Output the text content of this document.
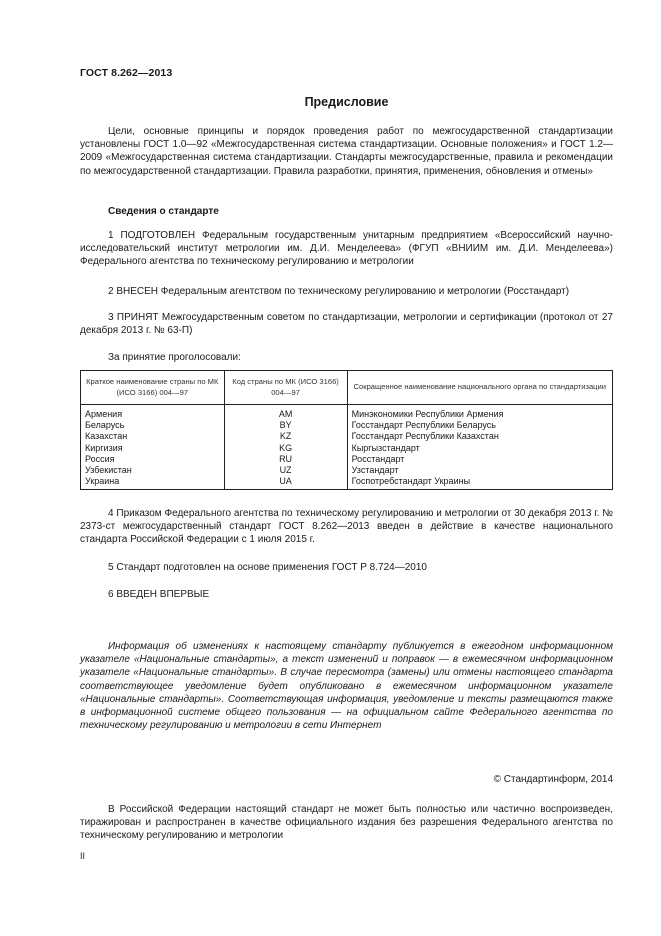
ГОСТ 8.262—2013
Предисловие

Цели, основные принципы и порядок проведения работ по межгосударственной стандартизации установлены ГОСТ 1.0—92 «Межгосударственная система стандартизации. Основные положения» и ГОСТ 1.2—2009 «Межгосударственная система стандартизации. Стандарты межгосударственные, правила и рекомендации по межгосударственной стандартизации. Правила разработки, принятия, применения, обновления и отмены»

Сведения о стандарте

1 ПОДГОТОВЛЕН Федеральным государственным унитарным предприятием «Всероссийский научно-исследовательский институт метрологии им. Д.И. Менделеева» (ФГУП «ВНИИМ им. Д.И. Менделеева») Федерального агентства по техническому регулированию и метрологии

2 ВНЕСЕН Федеральным агентством по техническому регулированию и метрологии (Росстандарт)

3 ПРИНЯТ Межгосударственным советом по стандартизации, метрологии и сертификации (протокол от 27 декабря 2013 г. № 63-П)

За принятие проголосовали:

Краткое наименование страны по МК (ИСО 3166) 004—97	Код страны по МК (ИСО 3166) 004—97	Сокращенное наименование национального органа по стандартизации
Армения	AM	Минэкономики Республики Армения
Беларусь	BY	Госстандарт Республики Беларусь
Казахстан	KZ	Госстандарт Республики Казахстан
Киргизия	KG	Кыргызстандарт
Россия	RU	Росстандарт
Узбекистан	UZ	Узстандарт
Украина	UA	Госпотребстандарт Украины

4 Приказом Федерального агентства по техническому регулированию и метрологии от 30 декабря 2013 г. № 2373-ст межгосударственный стандарт ГОСТ 8.262—2013 введен в действие в качестве национального стандарта Российской Федерации с 1 июля 2015 г.

5 Стандарт подготовлен на основе применения ГОСТ Р 8.724—2010

6 ВВЕДЕН ВПЕРВЫЕ

Информация об изменениях к настоящему стандарту публикуется в ежегодном информационном указателе «Национальные стандарты», а текст изменений и поправок — в ежемесячном информационном указателе «Национальные стандарты». В случае пересмотра (замены) или отмены настоящего стандарта соответствующее уведомление будет опубликовано в ежемесячном информационном указателе «Национальные стандарты». Соответствующая информация, уведомление и тексты размещаются также в информационной системе общего пользования — на официальном сайте Федерального агентства по техническому регулированию и метрологии в сети Интернет

© Стандартинформ, 2014

В Российской Федерации настоящий стандарт не может быть полностью или частично воспроизведен, тиражирован и распространен в качестве официального издания без разрешения Федерального агентства по техническому регулированию и метрологии

II
